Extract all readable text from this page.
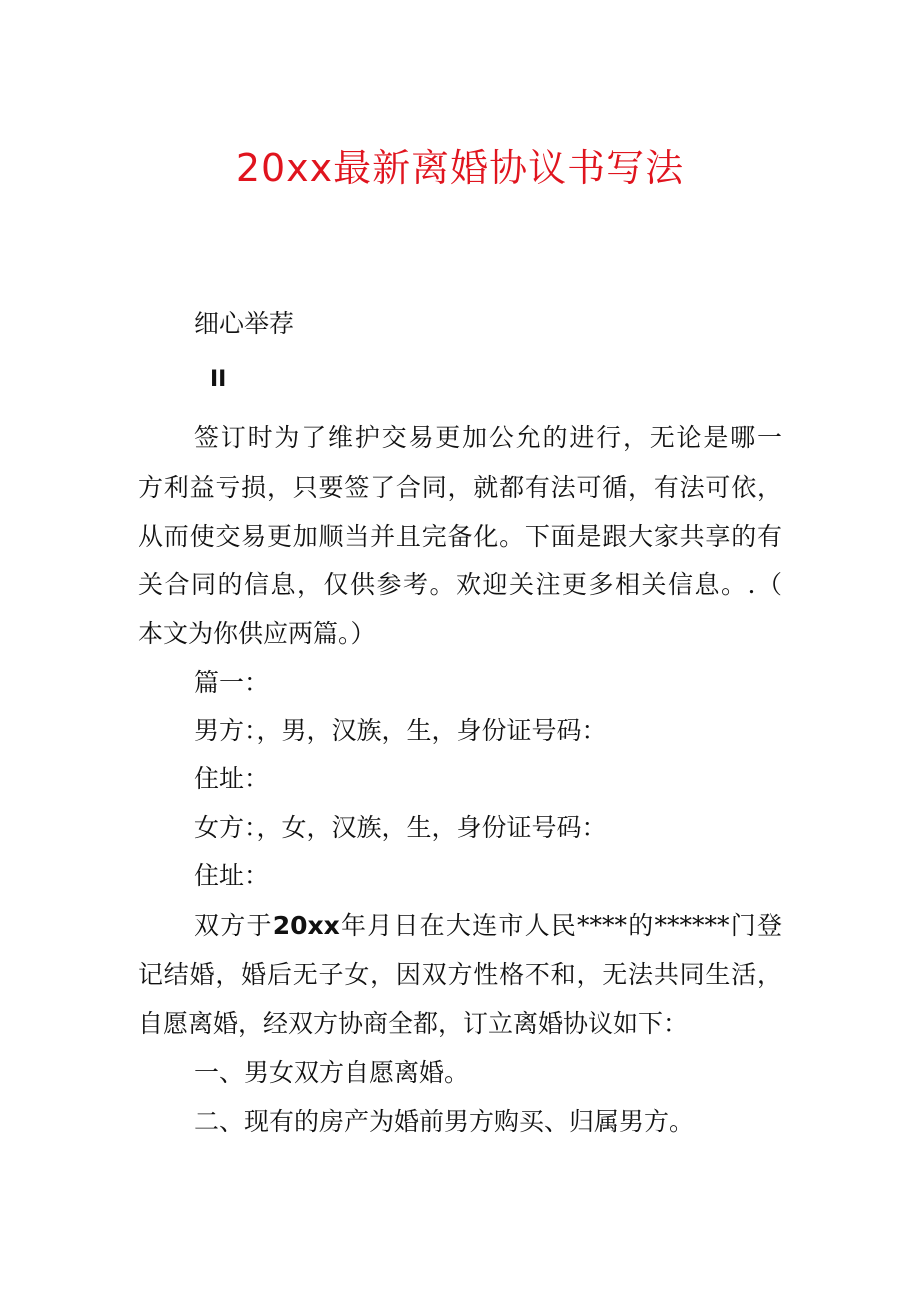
20xx最新离婚协议书写法
细心举荐
II
签订时为了维护交易更加公允的进行，无论是哪一
方利益亏损，只要签了合同，就都有法可循，有法可依，
从而使交易更加顺当并且完备化。下面是跟大家共享的有
关合同的信息，仅供参考。欢迎关注更多相关信息。.（
本文为你供应两篇。）
篇一：
男方：，男，汉族，生，身份证号码：
住址：
女方：，女，汉族，生，身份证号码：
住址：
双方于20xx年月日在大连市人民****的******门登
记结婚，婚后无子女，因双方性格不和，无法共同生活，
自愿离婚，经双方协商全都，订立离婚协议如下：
一、男女双方自愿离婚。
二、现有的房产为婚前男方购买、归属男方。
